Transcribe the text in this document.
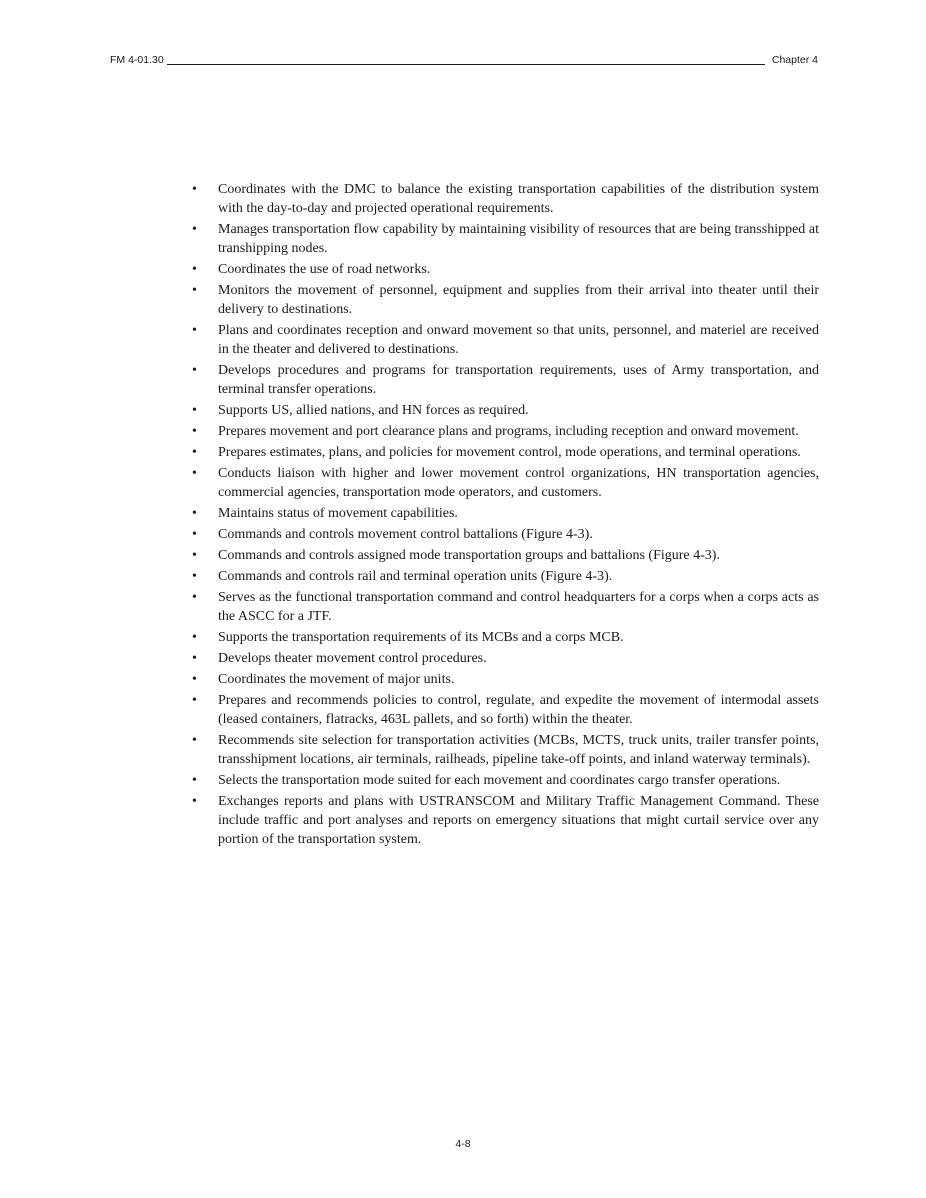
FM 4-01.30	Chapter 4
•	Coordinates with the DMC to balance the existing transportation capabilities of the distribution system with the day-to-day and projected operational requirements.
•	Manages transportation flow capability by maintaining visibility of resources that are being transshipped at transhipping nodes.
•	Coordinates the use of road networks.
•	Monitors the movement of personnel, equipment and supplies from their arrival into theater until their delivery to destinations.
•	Plans and coordinates reception and onward movement so that units, personnel, and materiel are received in the theater and delivered to destinations.
•	Develops procedures and programs for transportation requirements, uses of Army transportation, and terminal transfer operations.
•	Supports US, allied nations, and HN forces as required.
•	Prepares movement and port clearance plans and programs, including reception and onward movement.
•	Prepares estimates, plans, and policies for movement control, mode operations, and terminal operations.
•	Conducts liaison with higher and lower movement control organizations, HN transportation agencies, commercial agencies, transportation mode operators, and customers.
•	Maintains status of movement capabilities.
•	Commands and controls movement control battalions (Figure 4-3).
•	Commands and controls assigned mode transportation groups and battalions (Figure 4-3).
•	Commands and controls rail and terminal operation units (Figure 4-3).
•	Serves as the functional transportation command and control headquarters for a corps when a corps acts as the ASCC for a JTF.
•	Supports the transportation requirements of its MCBs and a corps MCB.
•	Develops theater movement control procedures.
•	Coordinates the movement of major units.
•	Prepares and recommends policies to control, regulate, and expedite the movement of intermodal assets (leased containers, flatracks, 463L pallets, and so forth) within the theater.
•	Recommends site selection for transportation activities (MCBs, MCTS, truck units, trailer transfer points, transshipment locations, air terminals, railheads, pipeline take-off points, and inland waterway terminals).
•	Selects the transportation mode suited for each movement and coordinates cargo transfer operations.
•	Exchanges reports and plans with USTRANSCOM and Military Traffic Management Command. These include traffic and port analyses and reports on emergency situations that might curtail service over any portion of the transportation system.
4-8
